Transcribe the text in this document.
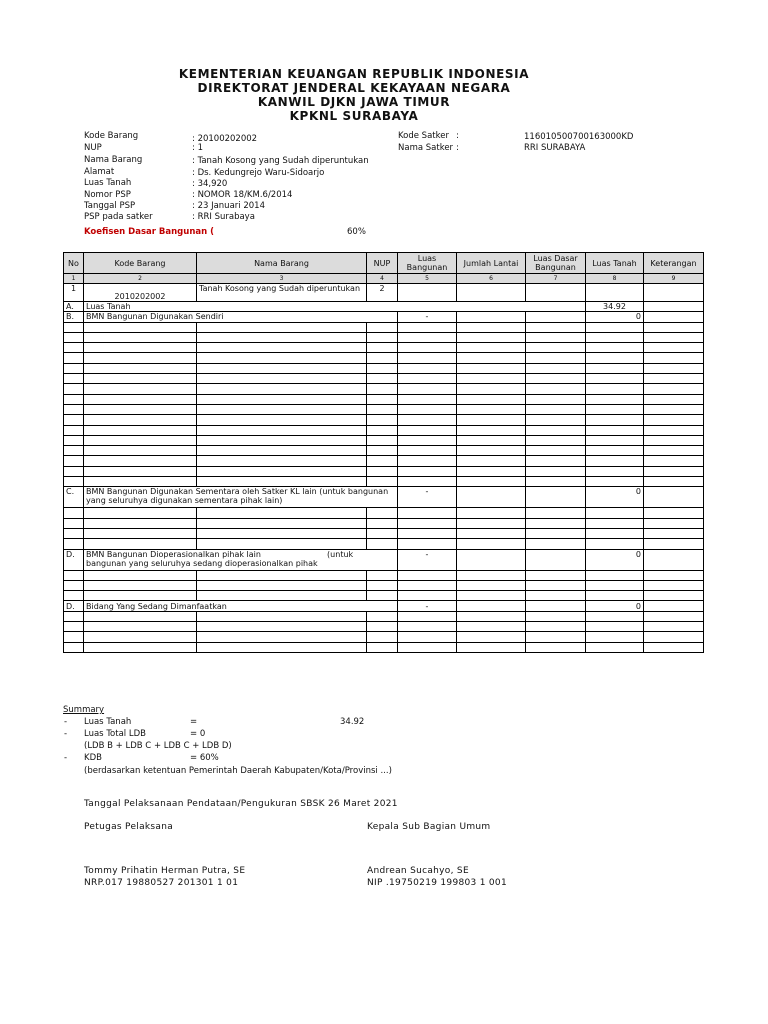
KEMENTERIAN KEUANGAN REPUBLIK INDONESIA
DIREKTORAT JENDERAL KEKAYAAN NEGARA
KANWIL DJKN JAWA TIMUR
KPKNL SURABAYA
Kode Barang	: 20100202002
NUP	: 1
Nama Barang	: Tanah Kosong yang Sudah diperuntukan
Alamat	: Ds. Kedungrejo Waru-Sidoarjo
Luas Tanah	: 34,920
Nomor PSP	: NOMOR 18/KM.6/2014
Tanggal PSP	: 23 Januari 2014
PSP pada satker	: RRI Surabaya
Koefisen Dasar Bangunan (	60%
Kode Satker :	116010500700163000KD
Nama Satker :	RRI SURABAYA
No	Kode Barang	Nama Barang	NUP	Luas Bangunan	Jumlah Lantai	Luas Dasar Bangunan	Luas Tanah	Keterangan
1	2	3	4	5	6	7	8	9
1	2010202002	Tanah Kosong yang Sudah diperuntukan	2					
A.	Luas Tanah						34.92	
B.	BMN Bangunan Digunakan Sendiri			-			0	

C.	BMN Bangunan Digunakan Sementara oleh Satker KL lain (untuk bangunan yang seluruhya digunakan sementara pihak lain)			-			0	

D.	BMN Bangunan Dioperasionalkan pihak lain                          (untuk bangunan yang seluruhya sedang dioperasionalkan pihak			-			0	

D.	Bidang Yang Sedang Dimanfaatkan			-			0	

Summary
- Luas Tanah	=	34.92
- Luas Total LDB	= 0
(LDB B + LDB C + LDB C + LDB D)
- KDB	= 60%
(berdasarkan ketentuan Pemerintah Daerah Kabupaten/Kota/Provinsi ...)
Tanggal Pelaksanaan Pendataan/Pengukuran SBSK 26 Maret 2021
Petugas Pelaksana	Kepala Sub Bagian Umum
Tommy Prihatin Herman Putra, SE
NRP.017 19880527 201301 1 01
Andrean Sucahyo, SE
NIP .19750219 199803 1 001
